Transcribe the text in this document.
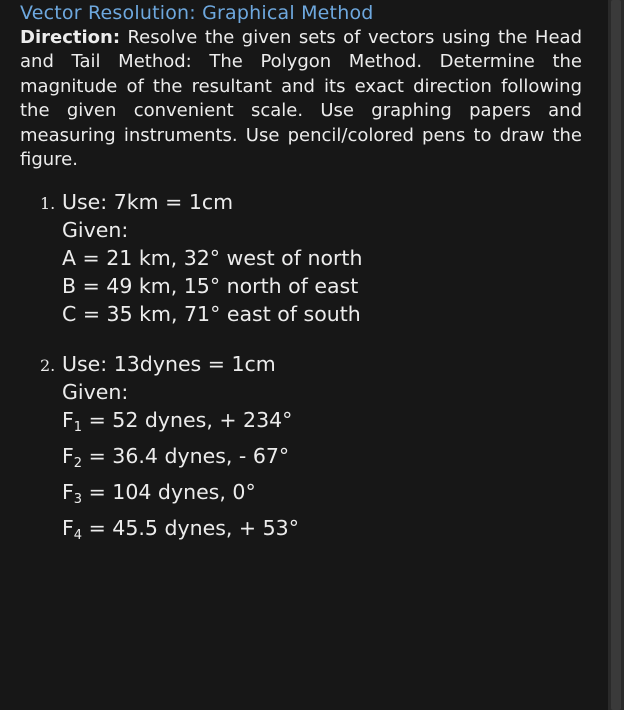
Vector Resolution: Graphical Method
Direction: Resolve the given sets of vectors using the Head and Tail Method: The Polygon Method. Determine the magnitude of the resultant and its exact direction following the given convenient scale. Use graphing papers and measuring instruments. Use pencil/colored pens to draw the figure.
1. Use: 7km = 1cm
Given:
A = 21 km, 32° west of north
B = 49 km, 15° north of east
C = 35 km, 71° east of south
2. Use: 13dynes = 1cm
Given:
$F_1 = 52$ dynes, + 234°
$F_2 = 36.4$ dynes, - 67°
$F_3 = 104$ dynes, 0°
$F_4 = 45.5$ dynes, + 53°
